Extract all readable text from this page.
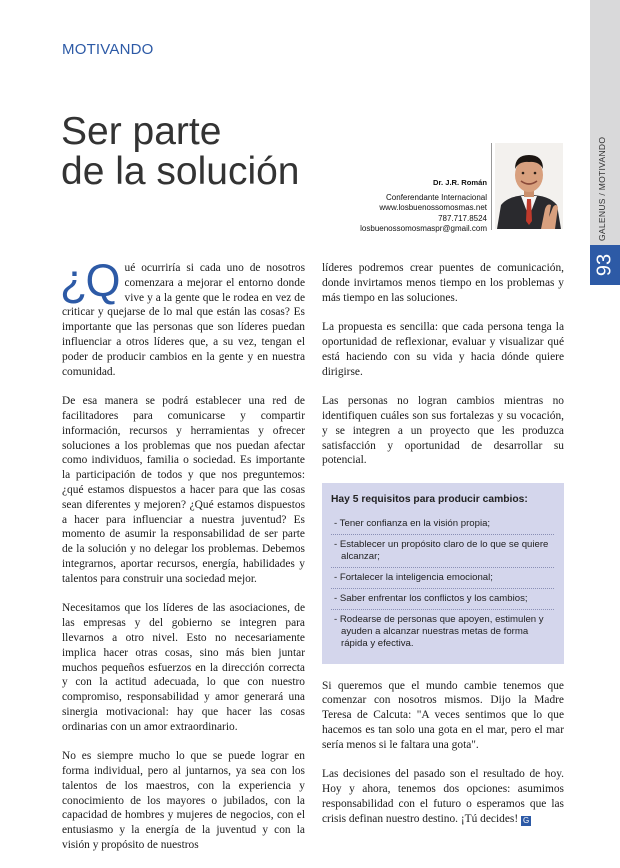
GALENUS / MOTIVANDO
93
MOTIVANDO
Ser parte
de la solución	Dr. J.R. Román
Conferendante Internacional
www.losbuenossomosmas.net
787.717.8524
losbuenossomosmaspr@gmail.com

¿Q ué ocurriría si cada uno de nosotros comenzara a mejorar el entorno donde vive y a la gente que le rodea en vez de criticar y quejarse de lo mal que están las cosas? Es importante que las personas que son líderes puedan influenciar a otros líderes que, a su vez, tengan el poder de producir cambios en la gente y en nuestra comunidad.

De esa manera se podrá establecer una red de facilitadores para comunicarse y compartir información, recursos y herramientas y ofrecer soluciones a los problemas que nos puedan afectar como individuos, familia o sociedad. Es importante la participación de todos y que nos preguntemos: ¿qué estamos dispuestos a hacer para que las cosas sean diferentes y mejoren? ¿Qué estamos dispuestos a hacer para influenciar a nuestra juventud? Es momento de asumir la responsabilidad de ser parte de la solución y no delegar los problemas. Debemos integrarnos, aportar recursos, energía, habilidades y talentos para construir una sociedad mejor.

Necesitamos que los líderes de las asociaciones, de las empresas y del gobierno se integren para llevarnos a otro nivel. Esto no necesariamente implica hacer otras cosas, sino más bien juntar muchos pequeños esfuerzos en la dirección correcta y con la actitud adecuada, lo que con nuestro compromiso, responsabilidad y amor generará una sinergia motivacional: hay que hacer las cosas ordinarias con un amor extraordinario.

No es siempre mucho lo que se puede lograr en forma individual, pero al juntarnos, ya sea con los talentos de los maestros, con la experiencia y conocimiento de los mayores o jubilados, con la capacidad de hombres y mujeres de negocios, con el entusiasmo y la energía de la juventud y con la visión y propósito de nuestros

líderes podremos crear puentes de comunicación, donde invirtamos menos tiempo en los problemas y más tiempo en las soluciones.

La propuesta es sencilla: que cada persona tenga la oportunidad de reflexionar, evaluar y visualizar qué está haciendo con su vida y hacia dónde quiere dirigirse.

Las personas no logran cambios mientras no identifiquen cuáles son sus fortalezas y su vocación, y se integren a un proyecto que les produzca satisfacción y oportunidad de desarrollar su potencial.

Hay 5 requisitos para producir cambios:
- Tener confianza en la visión propia;
- Establecer un propósito claro de lo que se quiere alcanzar;
- Fortalecer la inteligencia emocional;
- Saber enfrentar los conflictos y los cambios;
- Rodearse de personas que apoyen, estimulen y ayuden a alcanzar nuestras metas de forma rápida y efectiva.

Si queremos que el mundo cambie tenemos que comenzar con nosotros mismos. Dijo la Madre Teresa de Calcuta: "A veces sentimos que lo que hacemos es tan solo una gota en el mar, pero el mar sería menos si le faltara una gota".

Las decisiones del pasado son el resultado de hoy. Hoy y ahora, tenemos dos opciones: asumimos responsabilidad con el futuro o esperamos que las crisis definan nuestro destino. ¡Tú decides! G
